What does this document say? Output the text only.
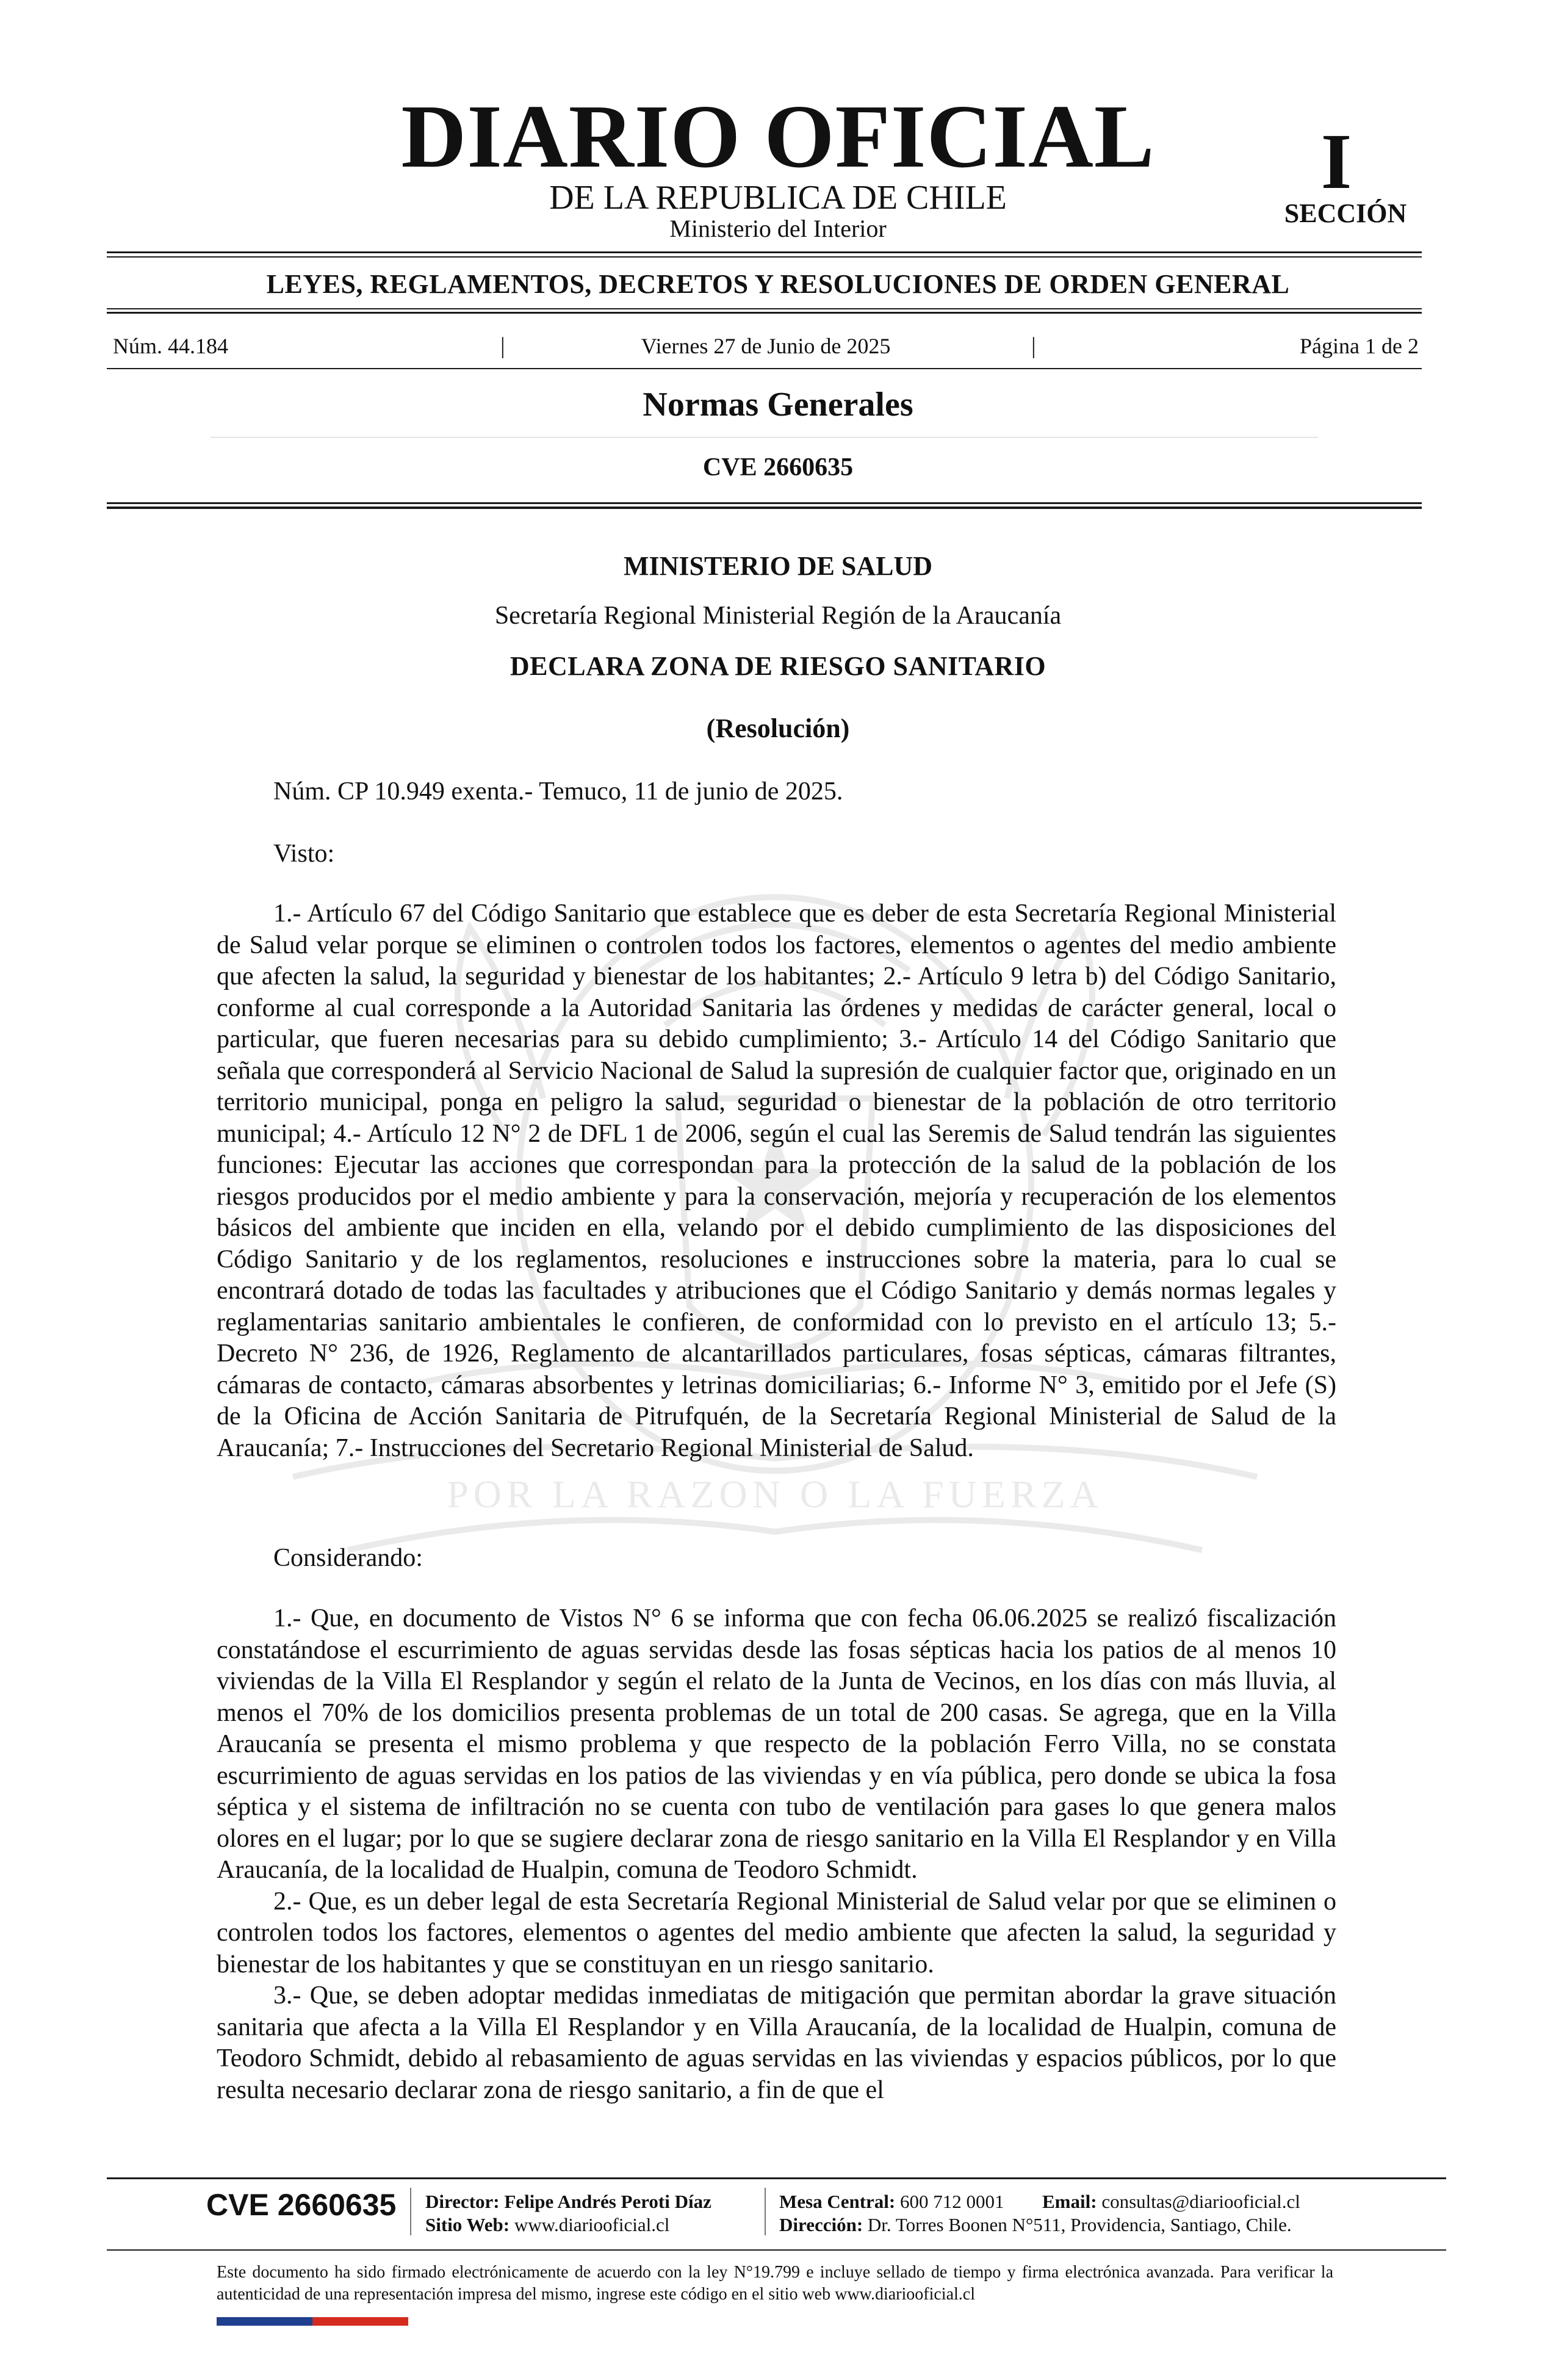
DIARIO OFICIAL
DE LA REPUBLICA DE CHILE
Ministerio del Interior
I
SECCIÓN
LEYES, REGLAMENTOS, DECRETOS Y RESOLUCIONES DE ORDEN GENERAL
Núm. 44.184	|	Viernes 27 de Junio de 2025	|	Página 1 de 2
Normas Generales
CVE 2660635
POR LA RAZON O LA FUERZA
MINISTERIO DE SALUD
Secretaría Regional Ministerial Región de la Araucanía
DECLARA ZONA DE RIESGO SANITARIO
(Resolución)
Núm. CP 10.949 exenta.- Temuco, 11 de junio de 2025.
Visto:

1.- Artículo 67 del Código Sanitario que establece que es deber de esta Secretaría Regional Ministerial de Salud velar porque se eliminen o controlen todos los factores, elementos o agentes del medio ambiente que afecten la salud, la seguridad y bienestar de los habitantes; 2.- Artículo 9 letra b) del Código Sanitario, conforme al cual corresponde a la Autoridad Sanitaria las órdenes y medidas de carácter general, local o particular, que fueren necesarias para su debido cumplimiento; 3.- Artículo 14 del Código Sanitario que señala que corresponderá al Servicio Nacional de Salud la supresión de cualquier factor que, originado en un territorio municipal, ponga en peligro la salud, seguridad o bienestar de la población de otro territorio municipal; 4.- Artículo 12 N° 2 de DFL 1 de 2006, según el cual las Seremis de Salud tendrán las siguientes funciones: Ejecutar las acciones que correspondan para la protección de la salud de la población de los riesgos producidos por el medio ambiente y para la conservación, mejoría y recuperación de los elementos básicos del ambiente que inciden en ella, velando por el debido cumplimiento de las disposiciones del Código Sanitario y de los reglamentos, resoluciones e instrucciones sobre la materia, para lo cual se encontrará dotado de todas las facultades y atribuciones que el Código Sanitario y demás normas legales y reglamentarias sanitario ambientales le confieren, de conformidad con lo previsto en el artículo 13; 5.- Decreto N° 236, de 1926, Reglamento de alcantarillados particulares, fosas sépticas, cámaras filtrantes, cámaras de contacto, cámaras absorbentes y letrinas domiciliarias; 6.- Informe N° 3, emitido por el Jefe (S) de la Oficina de Acción Sanitaria de Pitrufquén, de la Secretaría Regional Ministerial de Salud de la Araucanía; 7.- Instrucciones del Secretario Regional Ministerial de Salud.

Considerando:

1.- Que, en documento de Vistos N° 6 se informa que con fecha 06.06.2025 se realizó fiscalización constatándose el escurrimiento de aguas servidas desde las fosas sépticas hacia los patios de al menos 10 viviendas de la Villa El Resplandor y según el relato de la Junta de Vecinos, en los días con más lluvia, al menos el 70% de los domicilios presenta problemas de un total de 200 casas. Se agrega, que en la Villa Araucanía se presenta el mismo problema y que respecto de la población Ferro Villa, no se constata escurrimiento de aguas servidas en los patios de las viviendas y en vía pública, pero donde se ubica la fosa séptica y el sistema de infiltración no se cuenta con tubo de ventilación para gases lo que genera malos olores en el lugar; por lo que se sugiere declarar zona de riesgo sanitario en la Villa El Resplandor y en Villa Araucanía, de la localidad de Hualpin, comuna de Teodoro Schmidt.

2.- Que, es un deber legal de esta Secretaría Regional Ministerial de Salud velar por que se eliminen o controlen todos los factores, elementos o agentes del medio ambiente que afecten la salud, la seguridad y bienestar de los habitantes y que se constituyan en un riesgo sanitario.

3.- Que, se deben adoptar medidas inmediatas de mitigación que permitan abordar la grave situación sanitaria que afecta a la Villa El Resplandor y en Villa Araucanía, de la localidad de Hualpin, comuna de Teodoro Schmidt, debido al rebasamiento de aguas servidas en las viviendas y espacios públicos, por lo que resulta necesario declarar zona de riesgo sanitario, a fin de que el

CVE 2660635 Director: Felipe Andrés Peroti Díaz
Sitio Web: www.diariooficial.cl
Mesa Central: 600 712 0001 Email: consultas@diariooficial.cl
Dirección: Dr. Torres Boonen N°511, Providencia, Santiago, Chile.
Este documento ha sido firmado electrónicamente de acuerdo con la ley N°19.799 e incluye sellado de tiempo y firma electrónica avanzada. Para verificar la autenticidad de una representación impresa del mismo, ingrese este código en el sitio web www.diariooficial.cl
